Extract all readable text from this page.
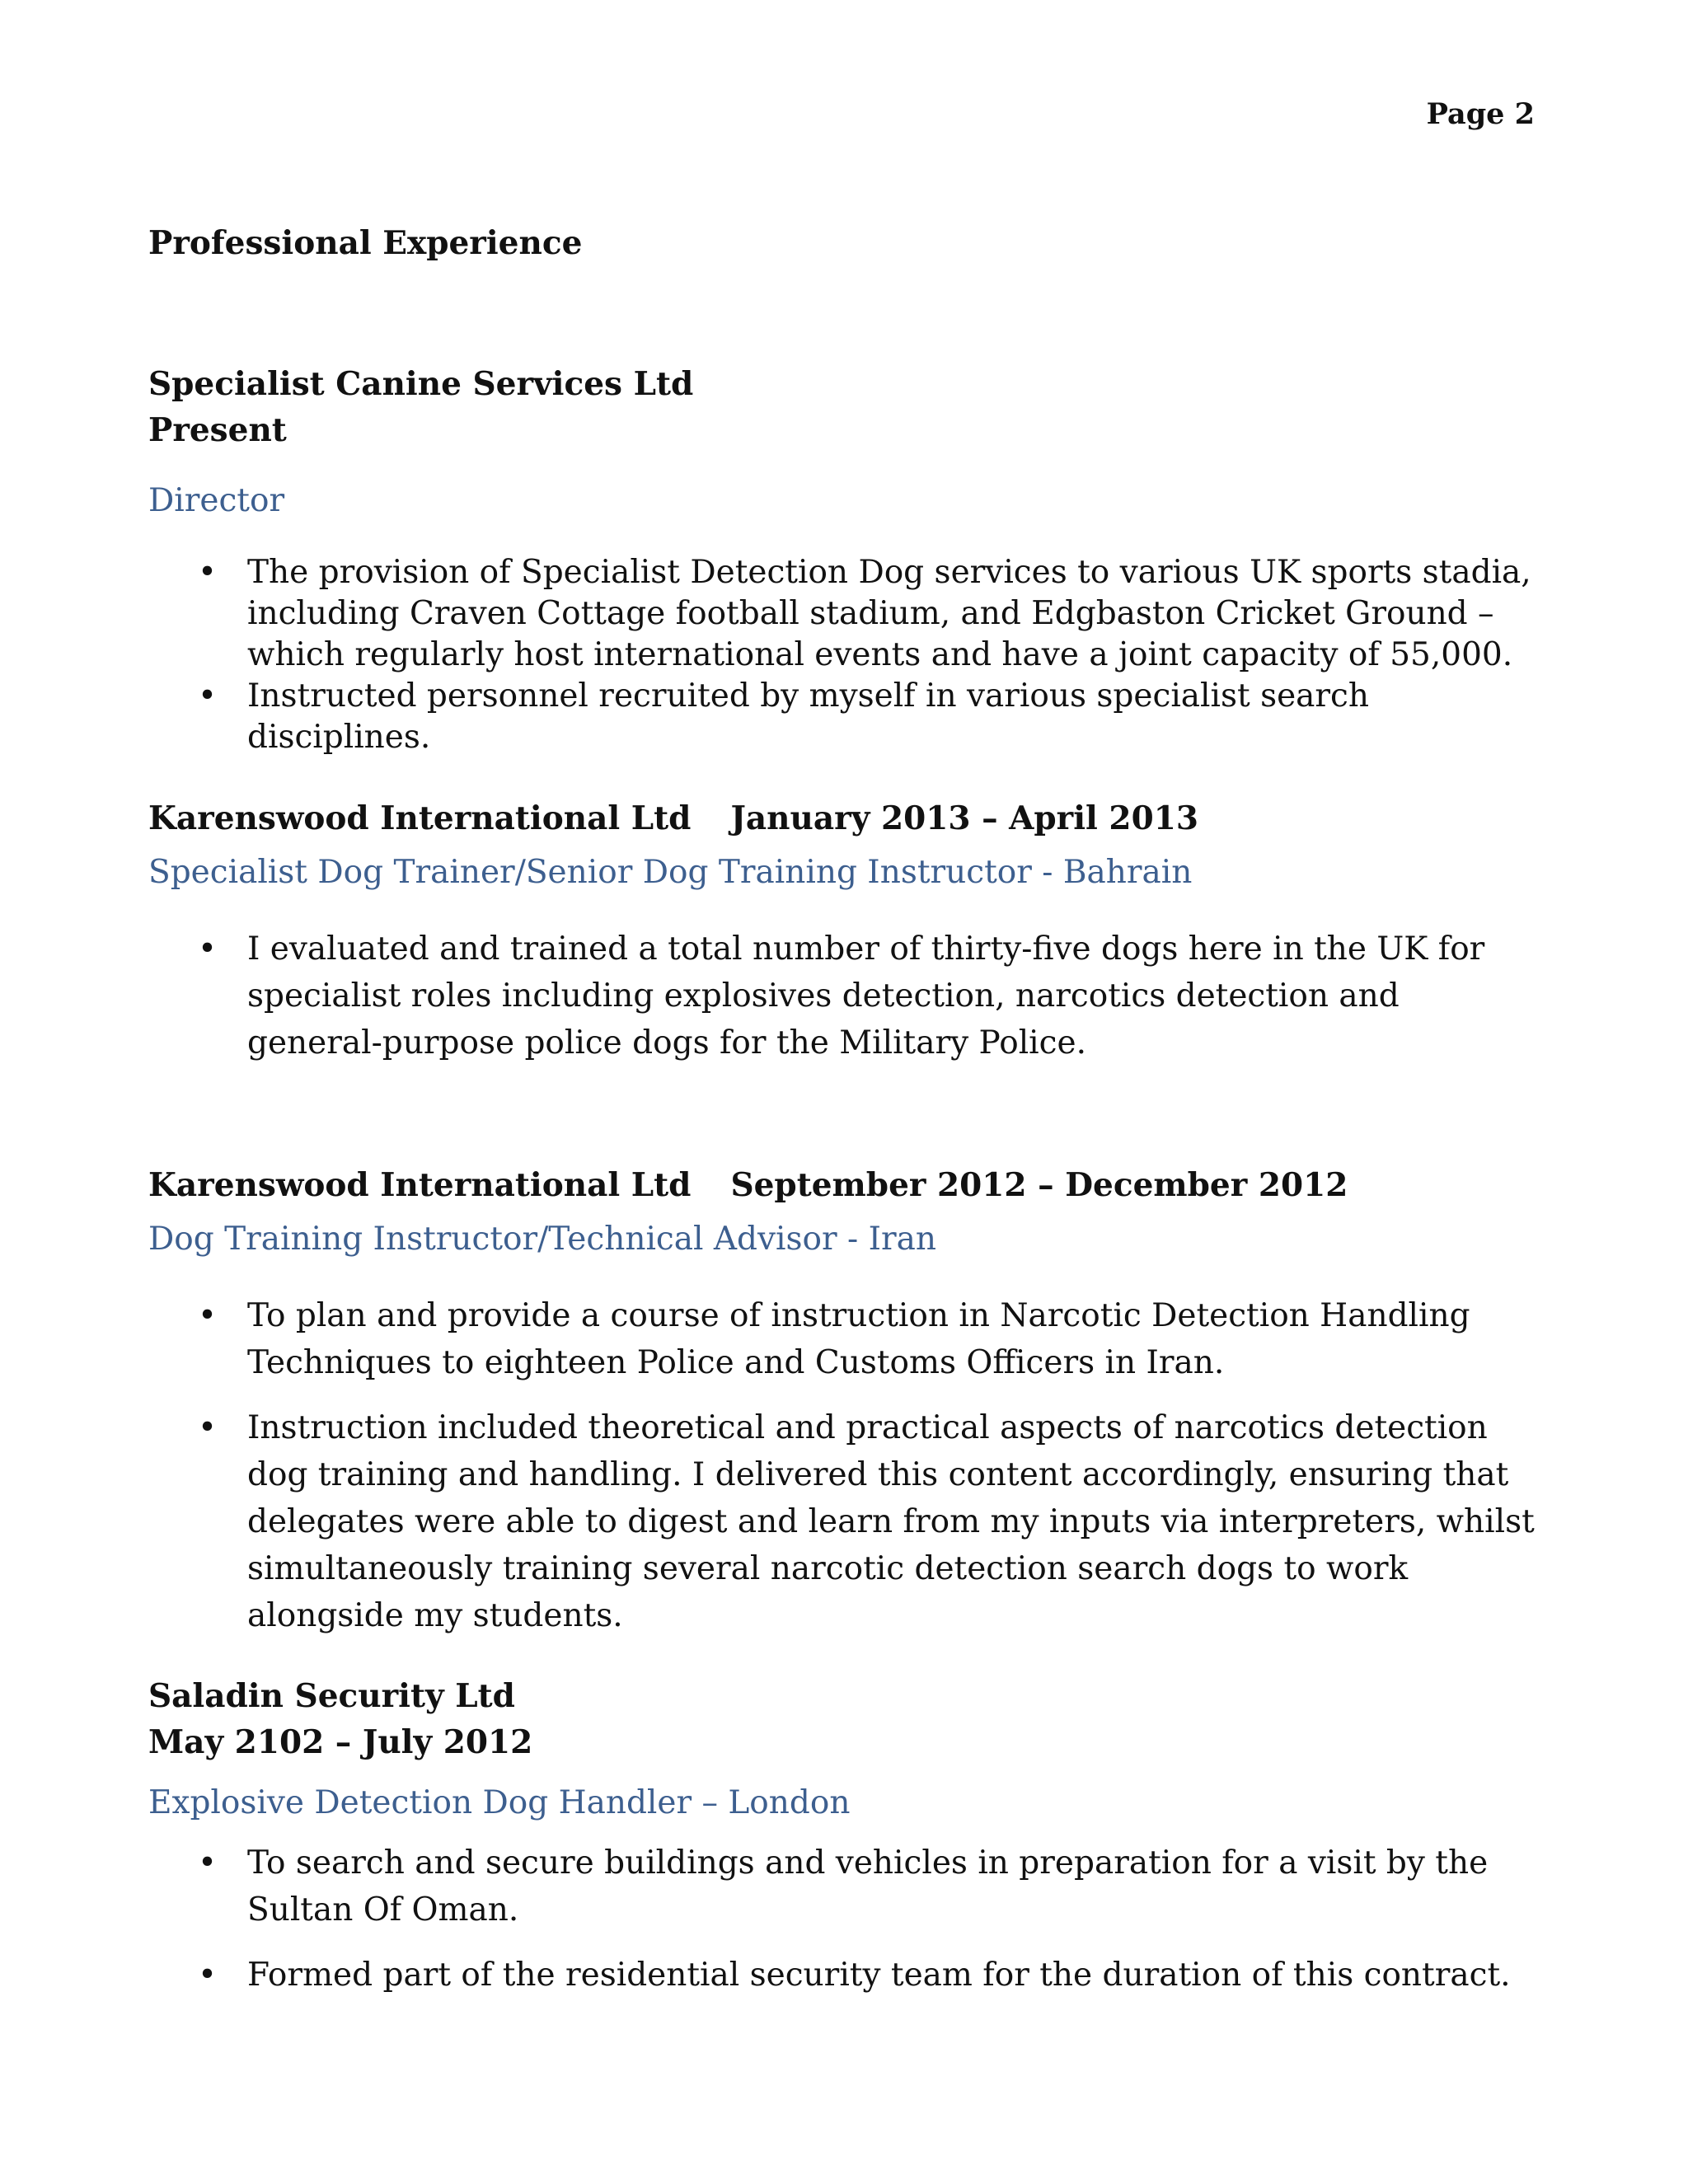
Page 2
Professional Experience
Specialist Canine Services Ltd
Present
Director
• The provision of Specialist Detection Dog services to various UK sports stadia, including Craven Cottage football stadium, and Edgbaston Cricket Ground – which regularly host international events and have a joint capacity of 55,000.
• Instructed personnel recruited by myself in various specialist search disciplines.
Karenswood International Ltd January 2013 – April 2013
Specialist Dog Trainer/Senior Dog Training Instructor - Bahrain
• I evaluated and trained a total number of thirty-five dogs here in the UK for specialist roles including explosives detection, narcotics detection and general-purpose police dogs for the Military Police.
Karenswood International Ltd September 2012 – December 2012
Dog Training Instructor/Technical Advisor - Iran
• To plan and provide a course of instruction in Narcotic Detection Handling Techniques to eighteen Police and Customs Officers in Iran.
• Instruction included theoretical and practical aspects of narcotics detection dog training and handling. I delivered this content accordingly, ensuring that delegates were able to digest and learn from my inputs via interpreters, whilst simultaneously training several narcotic detection search dogs to work alongside my students.
Saladin Security Ltd
May 2102 – July 2012
Explosive Detection Dog Handler – London
• To search and secure buildings and vehicles in preparation for a visit by the Sultan Of Oman.
• Formed part of the residential security team for the duration of this contract.
